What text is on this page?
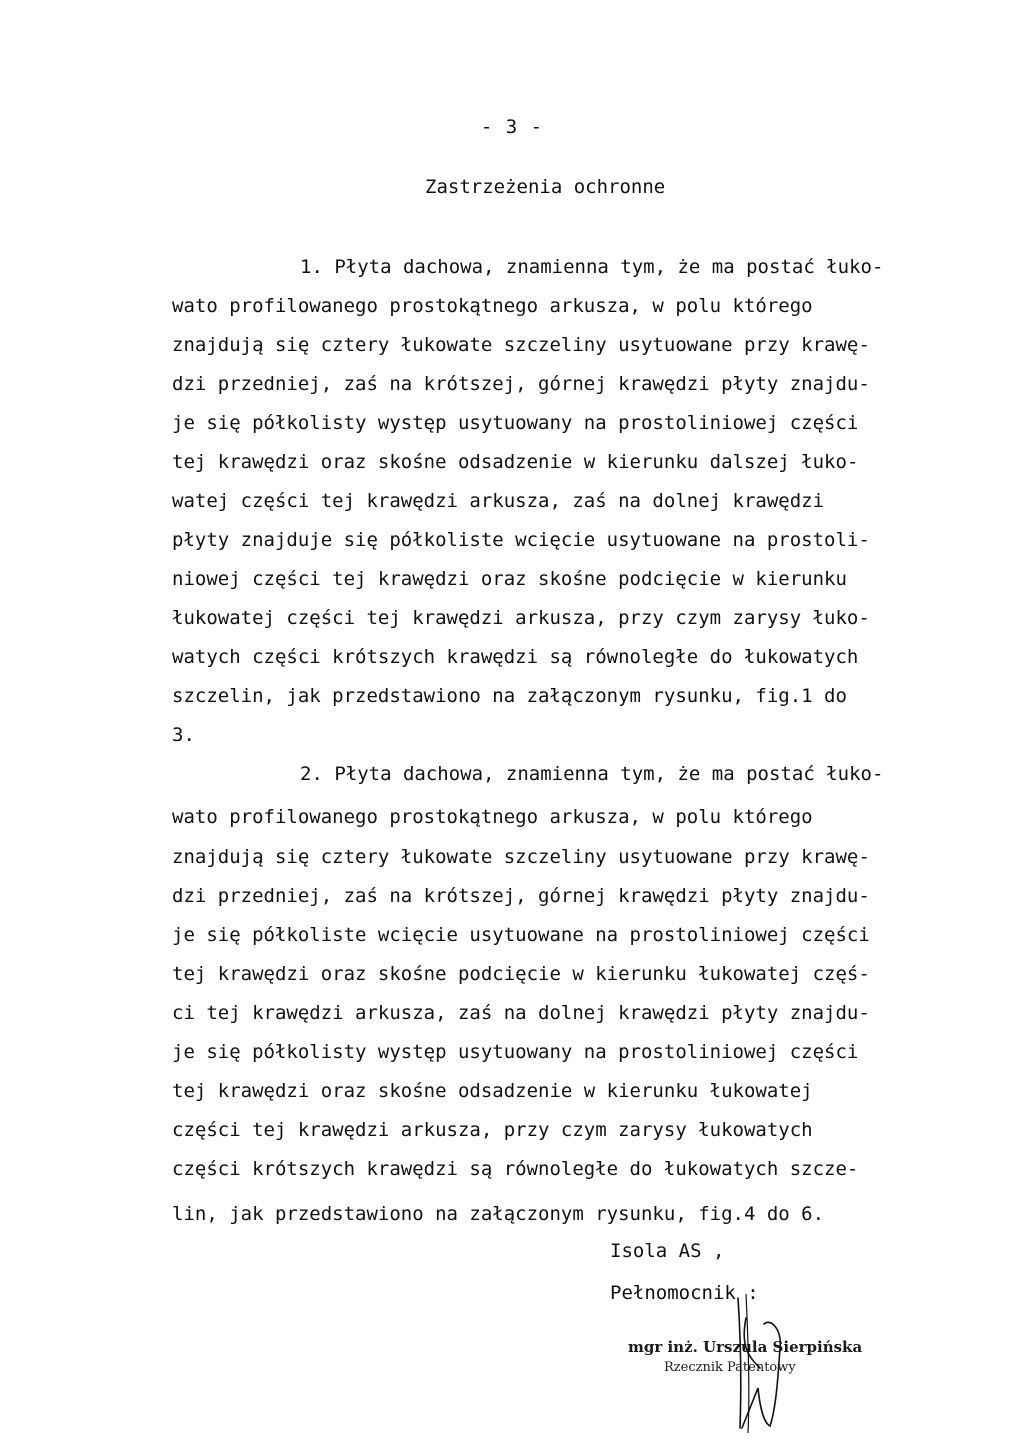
- 3 -
Zastrzeżenia ochronne
1. Płyta dachowa, znamienna tym, że ma postać łuko-
wato profilowanego prostokątnego arkusza, w polu którego
znajdują się cztery łukowate szczeliny usytuowane przy krawę-
dzi przedniej, zaś na krótszej, górnej krawędzi płyty znajdu-
je się półkolisty występ usytuowany na prostoliniowej części
tej krawędzi oraz skośne odsadzenie w kierunku dalszej łuko-
watej części tej krawędzi arkusza, zaś na dolnej krawędzi
płyty znajduje się półkoliste wcięcie usytuowane na prostoli-
niowej części tej krawędzi oraz skośne podcięcie w kierunku
łukowatej części tej krawędzi arkusza, przy czym zarysy łuko-
watych części krótszych krawędzi są równoległe do łukowatych
szczelin, jak przedstawiono na załączonym rysunku, fig.1 do
3.
2. Płyta dachowa, znamienna tym, że ma postać łuko-
wato profilowanego prostokątnego arkusza, w polu którego
znajdują się cztery łukowate szczeliny usytuowane przy krawę-
dzi przedniej, zaś na krótszej, górnej krawędzi płyty znajdu-
je się półkoliste wcięcie usytuowane na prostoliniowej części
tej krawędzi oraz skośne podcięcie w kierunku łukowatej częś-
ci tej krawędzi arkusza, zaś na dolnej krawędzi płyty znajdu-
je się półkolisty występ usytuowany na prostoliniowej części
tej krawędzi oraz skośne odsadzenie w kierunku łukowatej
części tej krawędzi arkusza, przy czym zarysy łukowatych
części krótszych krawędzi są równoległe do łukowatych szcze-
lin, jak przedstawiono na załączonym rysunku, fig.4 do 6.
Isola AS ,
Pełnomocnik :
mgr inż. Urszula Sierpińska
Rzecznik Patentowy
